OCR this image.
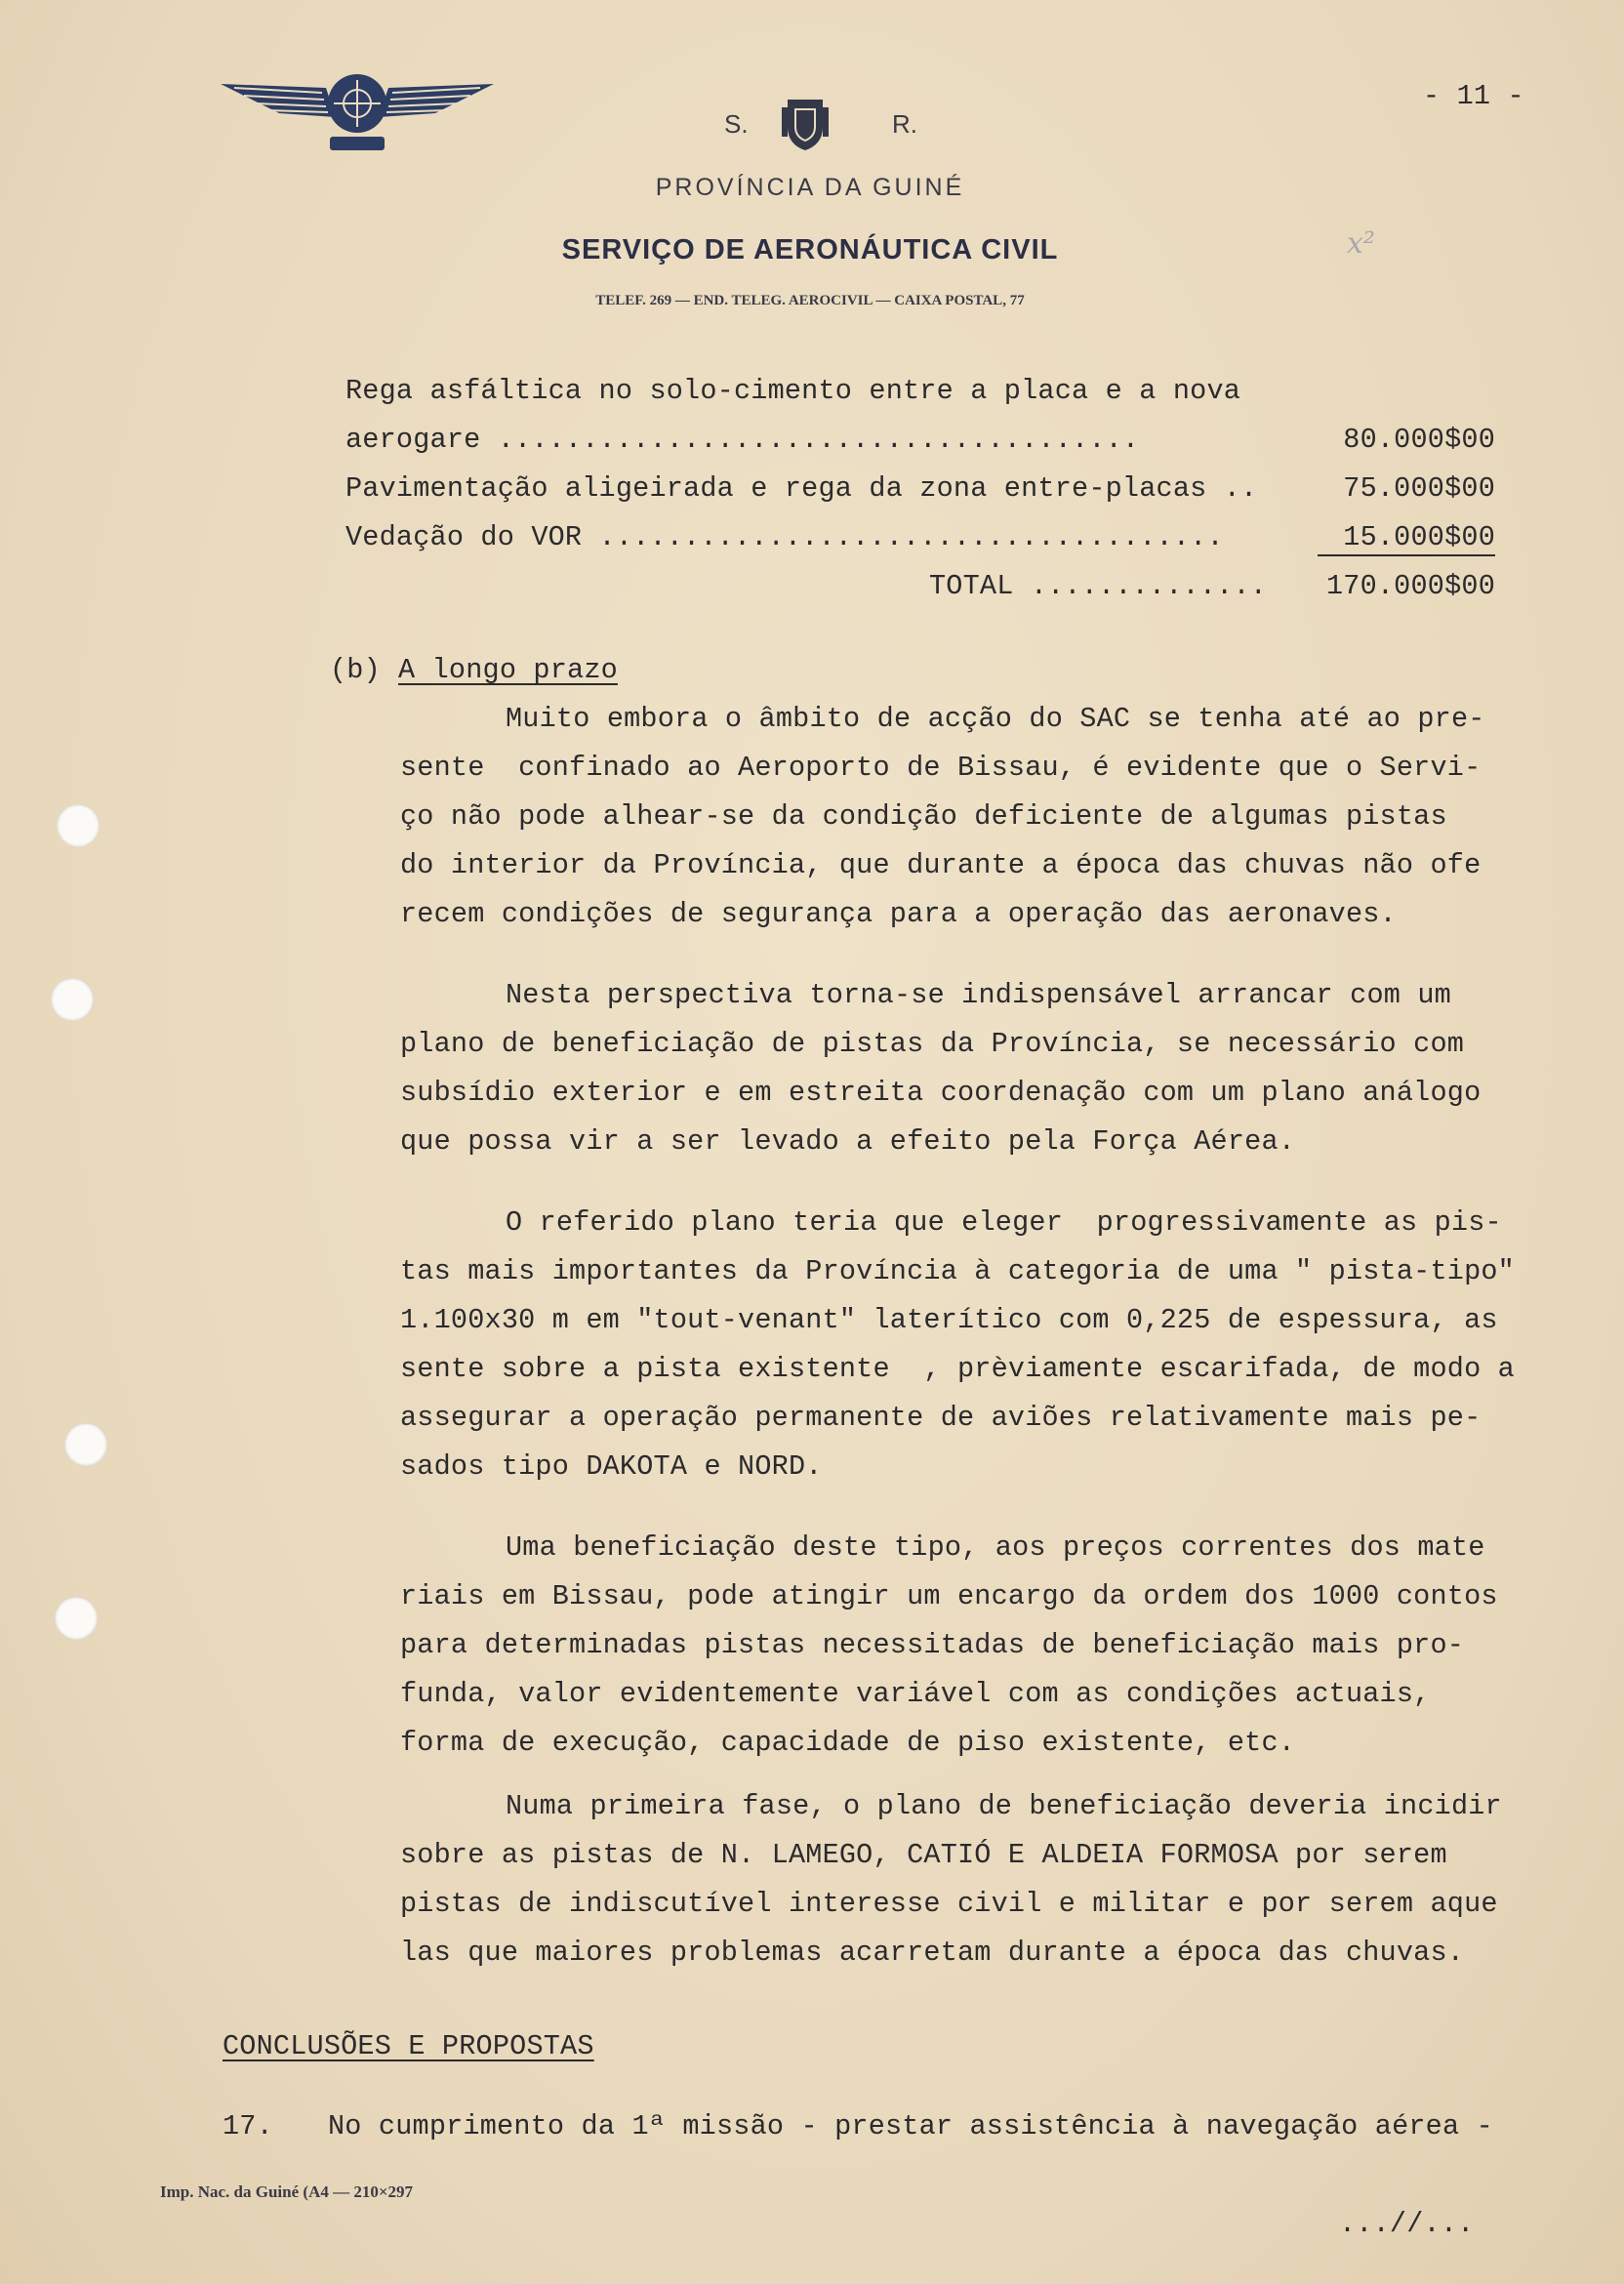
S.	R.
PROVÍNCIA DA GUINÉ
SERVIÇO DE AERONÁUTICA CIVIL
TELEF. 269 — END. TELEG. AEROCIVIL — CAIXA POSTAL, 77
x²
- 11 -
Rega asfáltica no solo-cimento entre a placa e a nova
aerogare ......................................	80.000$00
Pavimentação aligeirada e rega da zona entre-placas ..	75.000$00
Vedação do VOR .....................................	15.000$00
TOTAL ..............	170.000$00
(b) A longo prazo
Muito embora o âmbito de acção do SAC se tenha até ao pre-
sente  confinado ao Aeroporto de Bissau, é evidente que o Servi-
ço não pode alhear-se da condição deficiente de algumas pistas
do interior da Província, que durante a época das chuvas não ofe
recem condições de segurança para a operação das aeronaves.
Nesta perspectiva torna-se indispensável arrancar com um
plano de beneficiação de pistas da Província, se necessário com
subsídio exterior e em estreita coordenação com um plano análogo
que possa vir a ser levado a efeito pela Força Aérea.
O referido plano teria que eleger  progressivamente as pis-
tas mais importantes da Província à categoria de uma " pista-tipo"
1.100x30 m em "tout-venant" laterítico com 0,225 de espessura, as
sente sobre a pista existente  , prèviamente escarifada, de modo a
assegurar a operação permanente de aviões relativamente mais pe-
sados tipo DAKOTA e NORD.
Uma beneficiação deste tipo, aos preços correntes dos mate
riais em Bissau, pode atingir um encargo da ordem dos 1000 contos
para determinadas pistas necessitadas de beneficiação mais pro-
funda, valor evidentemente variável com as condições actuais,
forma de execução, capacidade de piso existente, etc.
Numa primeira fase, o plano de beneficiação deveria incidir
sobre as pistas de N. LAMEGO, CATIÓ E ALDEIA FORMOSA por serem
pistas de indiscutível interesse civil e militar e por serem aque
las que maiores problemas acarretam durante a época das chuvas.
CONCLUSÕES E PROPOSTAS
17. No cumprimento da 1ª missão - prestar assistência à navegação aérea -
Imp. Nac. da Guiné (A4 — 210×297
...//...
